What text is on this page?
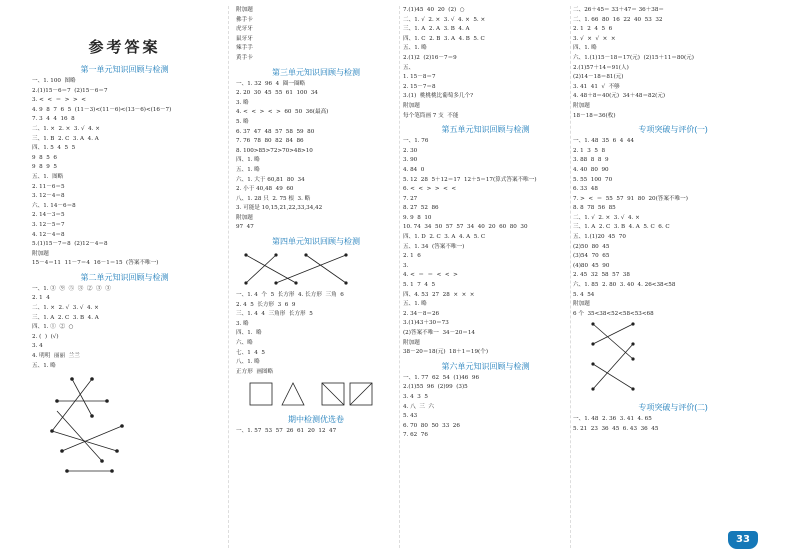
参考答案
第一单元知识回顾与检测
一、1. 100  图略
2.(1)15－6＝7  (2)15－6＝7
3. <  <  ＝  >  >  <
4. 9  8  7  6  5  (11－3)<(11－6)<(13－6)<(16－7)
7. 3  4  4  16  8
二、1. ×  2. ×  3. √  4. ×
三、1. B  2. C  3. A  4. A
四、1. 5  4  5  5
9  8  5  6
9  8  9  5
五、1.  图略
2. 11－6＝5
3. 12－4＝8
六、1. 14－6＝8
2. 14－3＝5
3. 12－5＝7
4. 12－4＝8
5.(1)15－7＝8  (2)12－4＝8
附加题
15－4＝11  11－7＝4  16－1＝15  (答案不唯一)
第二单元知识回顾与检测
一、1. ③  ⑨  ⑤  ③  ②  ③  ③
2. 1  4
二、1. ×  2. √  3. √  4. ×
三、1. A  2. C  3. B  4. A
四、1. ①  ②  ○
2. (  )  (√)
3. 4
4. 明明  丽丽  兰兰
五、1. 略
附加题
佛手卡
虎牙牙
鼠牙牙
辣手手
黄手卡
第三单元知识回顾与检测
一、1. 32  96  4  圈一圈略
2. 20  30  45  55  61  100  34
3. 略
4. <  <  >  <  >  60  50  36(最高)
5. 略
6. 37  47  48  57  58  59  80
7. 76  78  80  82  84  86
8. 100>85>72>70>48>10
四、1. 略
五、1. 略
六、1. 大于 60,81  80  34
2. 小于 40,48  49  60
八、1. 28 只  2. 75 根  3. 略
3. 可能是 10,15,21,22,33,34,42
附加题
97  47
第四单元知识回顾与检测
一、1. 4  个  5  长方形  4. 长方形  三角  6
2. 4  5  长方形  3  6  9
三、1. 4  4  三角形  长方形  5
3. 略
四、1.  略
六、略
七、1  4  5
八、1. 略
正方形  画图略
期中检测优选卷
一、1. 57  53  57  26  61  20  12  47
7.(1)45  40  20  (2)  ○
二、1. √  2. ×  3. √  4. ×  5. ×
三、1. A  2. A  3. B  4. A
四、1. C  2. B  3. A  4. B  5. C
五、1. 略
2.(1)2  (2)16－7＝9
五、
1. 15－8＝7
2. 15－7＝8
3.(1)  桃桃桃比葡萄多几个?
附加题
每个笔筒画 7 支  不能
第五单元知识回顾与检测
一、1. 76
2. 30
3. 90
4. 84  0
5. 12  28  5＋12＝17  12＋5＝17(算式答案不唯一)
6. <  <  >  >  <  <
7. 27
8. 27  52  86
9. 9  8  10
10. 74  34  50  57  57  34  40  20  60  80  30
四、1. D  2. C  3. A  4. A  5. C
五、1. 34  (答案不唯一)
2. 1  6
3.
4. <  ＝  ＝  <  <  >
5. 1  7  4  5
四、4. 53  27  28  ×  ×  ×
五、1. 略
2. 34－8＝26
3.(1)43＋30＝73
(2)答案不唯一  34－20＝14
附加题
38－20＝18(元)  18＋1＝19(个)
第六单元知识回顾与检测
一、1. 77  62  54  (1)46  96
2.(1)55  96  (2)99  (3)5
3. 4  3  5
4. 八  三  六
5. 43
6. 70  80  50  33  26
7. 62  76
二、26＋45＝ 33＋47＝ 36＋38＝
二、1. 66  80  16  22  40  53  32
2. 1  2  4  5  6
3. √  ×  √  ×  ×
四、1. 略
六、1.(1)15－18＝17(元)  (2)15＋11＝80(元)
2.(1)57＋14＝91(人)
(2)14－18＝81(元)
3. 41  41  √  不够
4. 48＋8＝40(元)  34＋48＝82(元)
附加题
18－18＝36(枚)
专项突破与评价(一)
一、1. 48  35  6  4  44
2. 1  3  5  8
3. 88  8  8  9
4. 40  80  90
5. 55  100  70
6. 33  48
7. >  <  ＝  55  57  91  80  20(答案不唯一)
8. 8  78  56  85
二、1. √  2. ×  3. √  4. ×
三、1. A  2. C  3. B  4. A  5. C  6. C
五、1.(1)20  45  70
(2)50  80  45
(3)54  70  65
(4)80  45  90
2. 45  32  58  57  38
六、1. 85  2. 80  3. 40  4. 26<38<58
5. 4  54
附加题
6 个  35<38<52<58<53<68
专项突破与评价(二)
一、1. 48  2. 36  3. 41  4. 65
5. 21  23  36  45  6. 43  36  45
33
